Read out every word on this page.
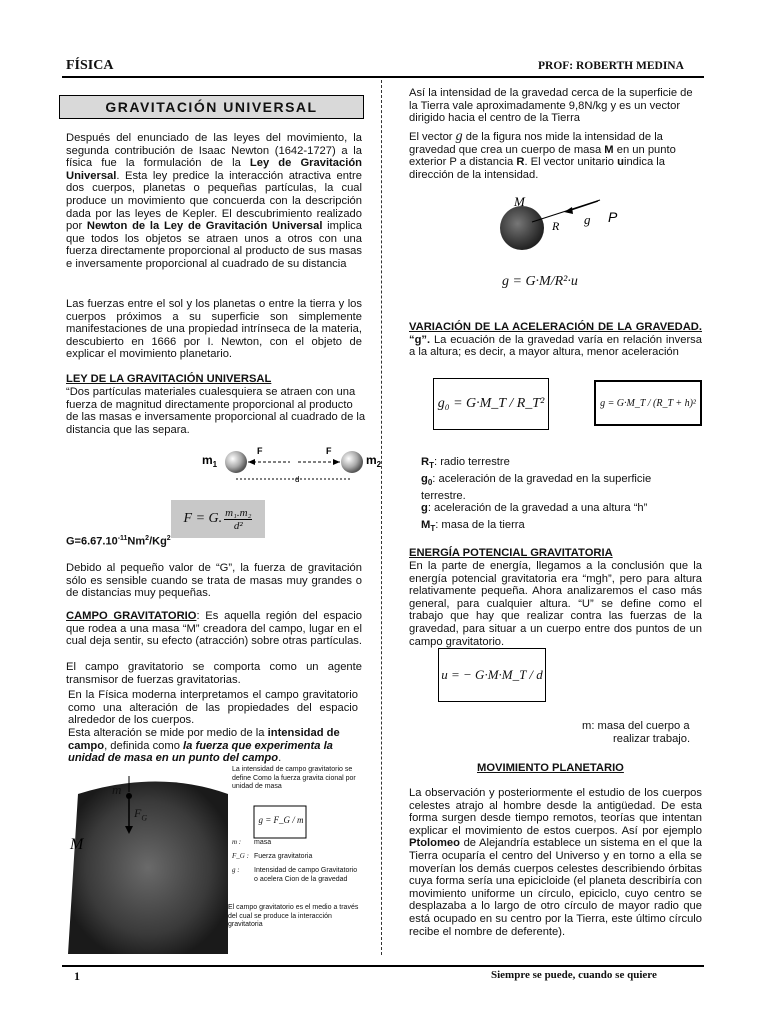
FÍSICA	PROF: ROBERTH MEDINA
GRAVITACIÓN UNIVERSAL

Después del enunciado de las leyes del movimiento, la segunda contribución de Isaac Newton (1642-1727) a la física fue la formulación de la Ley de Gravitación Universal. Esta ley predice la interacción atractiva entre dos cuerpos, planetas o pequeñas partículas, la cual produce un movimiento que concuerda con la descripción dada por las leyes de Kepler. El descubrimiento realizado por Newton de la Ley de Gravitación Universal implica que todos los objetos se atraen unos a otros con una fuerza directamente proporcional al producto de sus masas e inversamente proporcional al cuadrado de su distancia

Las fuerzas entre el sol y los planetas o entre la tierra y los cuerpos próximos a su superficie son simplemente manifestaciones de una propiedad intrínseca de la materia, descubierto en 1666 por I. Newton, con el objeto de explicar el movimiento planetario.

LEY DE LA GRAVITACIÓN UNIVERSAL

“Dos partículas materiales cualesquiera se atraen con una fuerza de magnitud directamente proporcional al producto de las masas e inversamente proporcional al cuadrado de la distancia que las separa.

$m_1$	$m_2$
F	F
d
F = G. $\frac{\text{m₁.m₂}}{\text{d²}}$
$G=6.67.10^{-11}Nm^2/Kg^2$

Debido al pequeño valor de “G”, la fuerza de gravitación sólo es sensible cuando se trata de masas muy grandes o de distancias muy pequeñas.

CAMPO GRAVITATORIO: Es aquella región del espacio que rodea a una masa “M” creadora del campo, lugar en el cual deja sentir, su efecto (atracción) sobre otras partículas.

El campo gravitatorio se comporta como un agente transmisor de fuerzas gravitatorias.

En la Física moderna interpretamos el campo gravitatorio como una alteración de las propiedades del espacio alrededor de los cuerpos.

Esta alteración se mide por medio de la intensidad de campo, definida como la fuerza que experimenta la unidad de masa en un punto del campo.

m
$F_G$
M
La intensidad de campo gravitatorio se define Como la fuerza gravita cional por unidad de masa
g = F_G / m
m : masa
F_G : Fuerza gravitatoria
g :	Intensidad de campo Gravitatorio o acelera Cion de la gravedad
El campo gravitatorio es el medio a través del cual se produce la interacción gravitatoria

Así la intensidad de la gravedad cerca de la superficie de la Tierra vale aproximadamente 9,8N/kg y es un vector dirigido hacia el centro de la Tierra

El vector g de la figura nos mide la intensidad de la gravedad que crea un cuerpo de masa M en un punto exterior P a distancia R. El vector unitario uindica la dirección de la intensidad.

M
R g P
g = G·M/R²·u

VARIACIÓN DE LA ACELERACIÓN DE LA GRAVEDAD. “g”. La ecuación de la gravedad varía en relación inversa a la altura; es decir, a mayor altura, menor aceleración

g₀ = G·M_T / R_T²	g = G·M_T / (R_T + h)²
$R_T$: radio terrestre
$g_0$: aceleración de la gravedad en la superficie terrestre.
g: aceleración de la gravedad a una altura “h”
$M_T$: masa de la tierra
ENERGÍA POTENCIAL GRAVITATORIA

En la parte de energía, llegamos a la conclusión que la energía potencial gravitatoria era “mgh”, pero para altura relativamente pequeña. Ahora analizaremos el caso más general, para cualquier altura. “U” se define como el trabajo que hay que realizar contra las fuerzas de la gravedad, para situar a un cuerpo entre dos puntos de un campo gravitatorio.

u = − G·M·M_T / d
m: masa del cuerpo a
realizar trabajo.
MOVIMIENTO PLANETARIO

La observación y posteriormente el estudio de los cuerpos celestes atrajo al hombre desde la antigüedad. De esta forma surgen desde tiempo remotos, teorías que intentan explicar el movimiento de estos cuerpos. Así por ejemplo Ptolomeo de Alejandría establece un sistema en el que la Tierra ocuparía el centro del Universo y en torno a ella se moverían los demás cuerpos celestes describiendo órbitas cuya forma sería una epicicloide (el planeta describiría con movimiento uniforme un círculo, epiciclo, cuyo centro se desplazaba a lo largo de otro círculo de mayor radio que está ocupado en su centro por la Tierra, este último círculo recibe el nombre de deferente).

1	Siempre se puede, cuando se quiere
